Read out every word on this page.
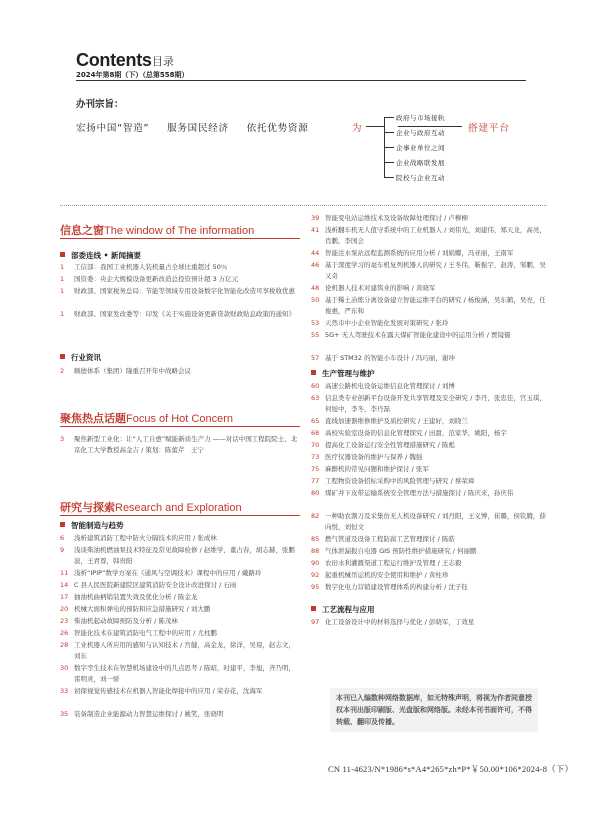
Contents 目录
2024年第8期（下）（总第558期）
办刊宗旨：
宏扬中国“智造” 服务国民经济 依托优势资源	为
政府与市场接轨
企业与政府互动
企事业单位之间
企业战略联发展
院校与企业互动
搭建平台
信息之窗The window of The information
部委连线 • 新闻摘要
1 工信部：我国工业机器人装机量占全球比重超过 50％
1 国资委：央企大规模设备更新改造总投资预计超 3 万亿元
1 财政部、国家税务总局：节能等领域专用设备数字化智能化改造可享税收优惠
1 财政部、国家发改委等：印发《关于实施设备更新贷款财政贴息政策的通知》
行业资讯
2 顺德体系（集团）隆重召开年中战略会议
聚焦热点话题Focus of Hot Concern
3 聚焦新型工业化：让“人工自愈”赋能新质生产力 ——对话中国工程院院士、北京化工大学教授高金吉 / 策划：陈蕾芹　王宁
研究与探索Research and Exploration
智能制造与趋势
6 浅析建筑消防工程中防火分隔技术的应用 / 张成林
9 浅谈柴油机燃油泵技术特征及常见故障检修 / 赵维学，董占春，胡志赫，张鹏波，王君尊，韩贵阳
11 浅析“IPIP”数学方案在《通风与空调技术》课程中的应用 / 戴路玲
14 C 县人民医院新建院区建筑消防安全设计改进探讨 / 石雨
17 抽油机曲柄销装置失效及优化分析 / 陈金龙
20 机械大面积弹电的预防和应急措施研究 / 刘大鹏
23 柴油机起动故障预防及分析 / 陈茂林
26 智能化技术在建筑消防电气工程中的应用 / 尤柱鹏
28 工业机器人所应用的感知与认知技术 / 宫健，高金龙，徐洋，吴琼，赵志文，刘东
30 数字孪生技术在智慧机场建设中的几点思考 / 陈昭，时建平，李旭，齐乃明，雷明灵，刘一骄
33 初探视觉传感技术在机器人智能化焊接中的应用 / 荣春花，沈海军
35 装备制造企业能源动力智慧运维探讨 / 姚笑，张晓明
39 智能变电站运维技术及设备故障处理探讨 / 卢柳柳
41 浅析翻车机无人值守系统中的工业机器人 / 刘伟光，刘建伟，郑天龙，高亮，肖鹏，李国会
44 智能注水泵站远程监测系统的应用分析 / 刘娟娜，冯亚丽，王南军
46 基于深度学习的毫车机复列机器人的研究 / 王冬伟，靳振宇，赵涛，邹鹏，吴又奇
48 论机器人技术对建筑业的影响 / 黄晓军
50 基于稀土冶炼分离设备建立智能运维平台的研究 / 杨俊涵，吴东鹤，吴亮，任俊惠，严东和
53 天然市中小企业智能化发展对策研究 / 张玲
55 5G+ 无人驾驶技术在露天煤矿智能化建设中的运用分析 / 贾镜儒
57 基于 STM32 的智能小车设计 / 冯巧丽，谢冲
生产管理与维护
60 高速公路机电设备运维信息化管理探讨 / 刘博
63 信息类专业创新平台设备开发共享管理及安全研究 / 李丹，张忠佳，宫玉琪，何旭中，李冬，李丹磊
65 直线加速器维修维护及质控研究 / 王建好，刘晓兰
68 高校实验室设备的信息化管理探究 / 田甜，范家华，姚阳，杨宇
70 提高化工设备运行安全性管理措施研究 / 陈彪
73 医疗仪器设备的维护与保养 / 魏强
75 麻醉机的常见问题和维护探讨 / 张军
77 工程物资设备招标采购中的风险管理与研究 / 蔡荣璋
80 煤矿井下皮带运输系统安全管理方法与措施探讨 / 陈庆来，孙庆伟
82 一种助农割刀及采集仿无人机设备研究 / 刘丹阳，王义博，崔璐，侯钦腾，薛向悦，刘恒文
85 燃气管道及设备工程防腐工艺管理探讨 / 陈皓
88 气体泄漏报自电器 GIS 预防性维护措施研究 / 何丽鹏
90 农田水利灌溉渠道工程运行维护及管理 / 王志毅
92 起重机械吊运机的安全使用和维护 / 黄柱珍
95 数字化电力营销建设管理体系的构建分析 / 沈子钰
工艺流程与应用
97 化工设备设计中的材料选择与优化 / 彭晓军，丁效星
本刊已入编数种网络数据库，如无特殊声明，将视为作者同意授权本刊出版印刷版、光盘版和网络版。未经本刊书面许可，不得转载、翻印及传播。
CN 11-4623/N*1986*s*A4*265*zh*P*￥50.00*106*2024-8（下）
